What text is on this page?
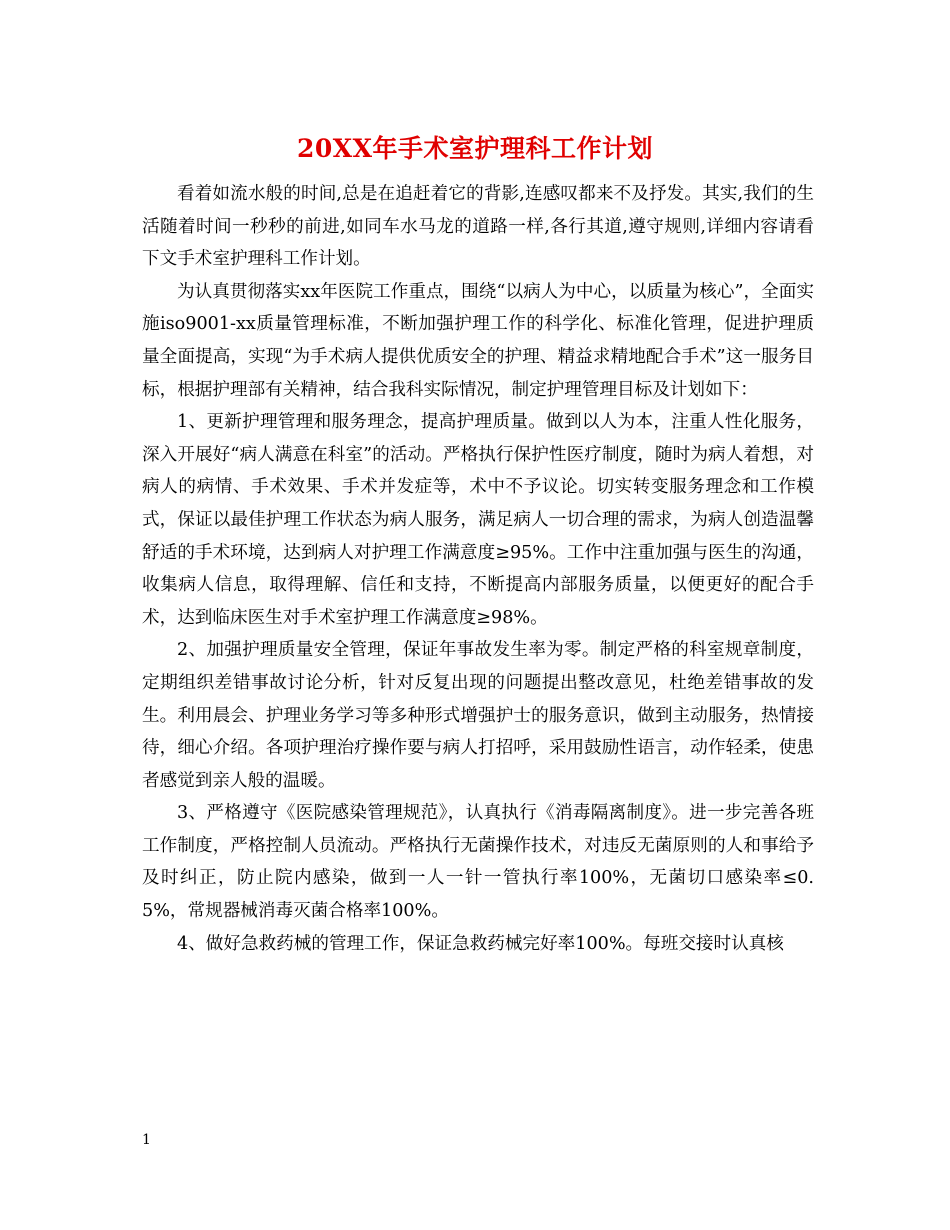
20XX年手术室护理科工作计划

看着如流水般的时间,总是在追赶着它的背影,连感叹都来不及抒发。其实,我们的生活随着时间一秒秒的前进,如同车水马龙的道路一样,各行其道,遵守规则,详细内容请看下文手术室护理科工作计划。

为认真贯彻落实xx年医院工作重点，围绕“以病人为中心，以质量为核心”，全面实施iso9001-xx质量管理标准，不断加强护理工作的科学化、标准化管理，促进护理质量全面提高，实现“为手术病人提供优质安全的护理、精益求精地配合手术”这一服务目标，根据护理部有关精神，结合我科实际情况，制定护理管理目标及计划如下：

1、更新护理管理和服务理念，提高护理质量。做到以人为本，注重人性化服务，深入开展好“病人满意在科室”的活动。严格执行保护性医疗制度，随时为病人着想，对病人的病情、手术效果、手术并发症等，术中不予议论。切实转变服务理念和工作模式，保证以最佳护理工作状态为病人服务，满足病人一切合理的需求，为病人创造温馨舒适的手术环境，达到病人对护理工作满意度≥95%。工作中注重加强与医生的沟通，收集病人信息，取得理解、信任和支持，不断提高内部服务质量，以便更好的配合手术，达到临床医生对手术室护理工作满意度≥98%。

2、加强护理质量安全管理，保证年事故发生率为零。制定严格的科室规章制度，定期组织差错事故讨论分析，针对反复出现的问题提出整改意见，杜绝差错事故的发生。利用晨会、护理业务学习等多种形式增强护士的服务意识，做到主动服务，热情接待，细心介绍。各项护理治疗操作要与病人打招呼，采用鼓励性语言，动作轻柔，使患者感觉到亲人般的温暖。

3、严格遵守《医院感染管理规范》，认真执行《消毒隔离制度》。进一步完善各班工作制度，严格控制人员流动。严格执行无菌操作技术，对违反无菌原则的人和事给予及时纠正，防止院内感染，做到一人一针一管执行率100%，无菌切口感染率≤0.5%，常规器械消毒灭菌合格率100%。

4、做好急救药械的管理工作，保证急救药械完好率100%。每班交接时认真核

1
